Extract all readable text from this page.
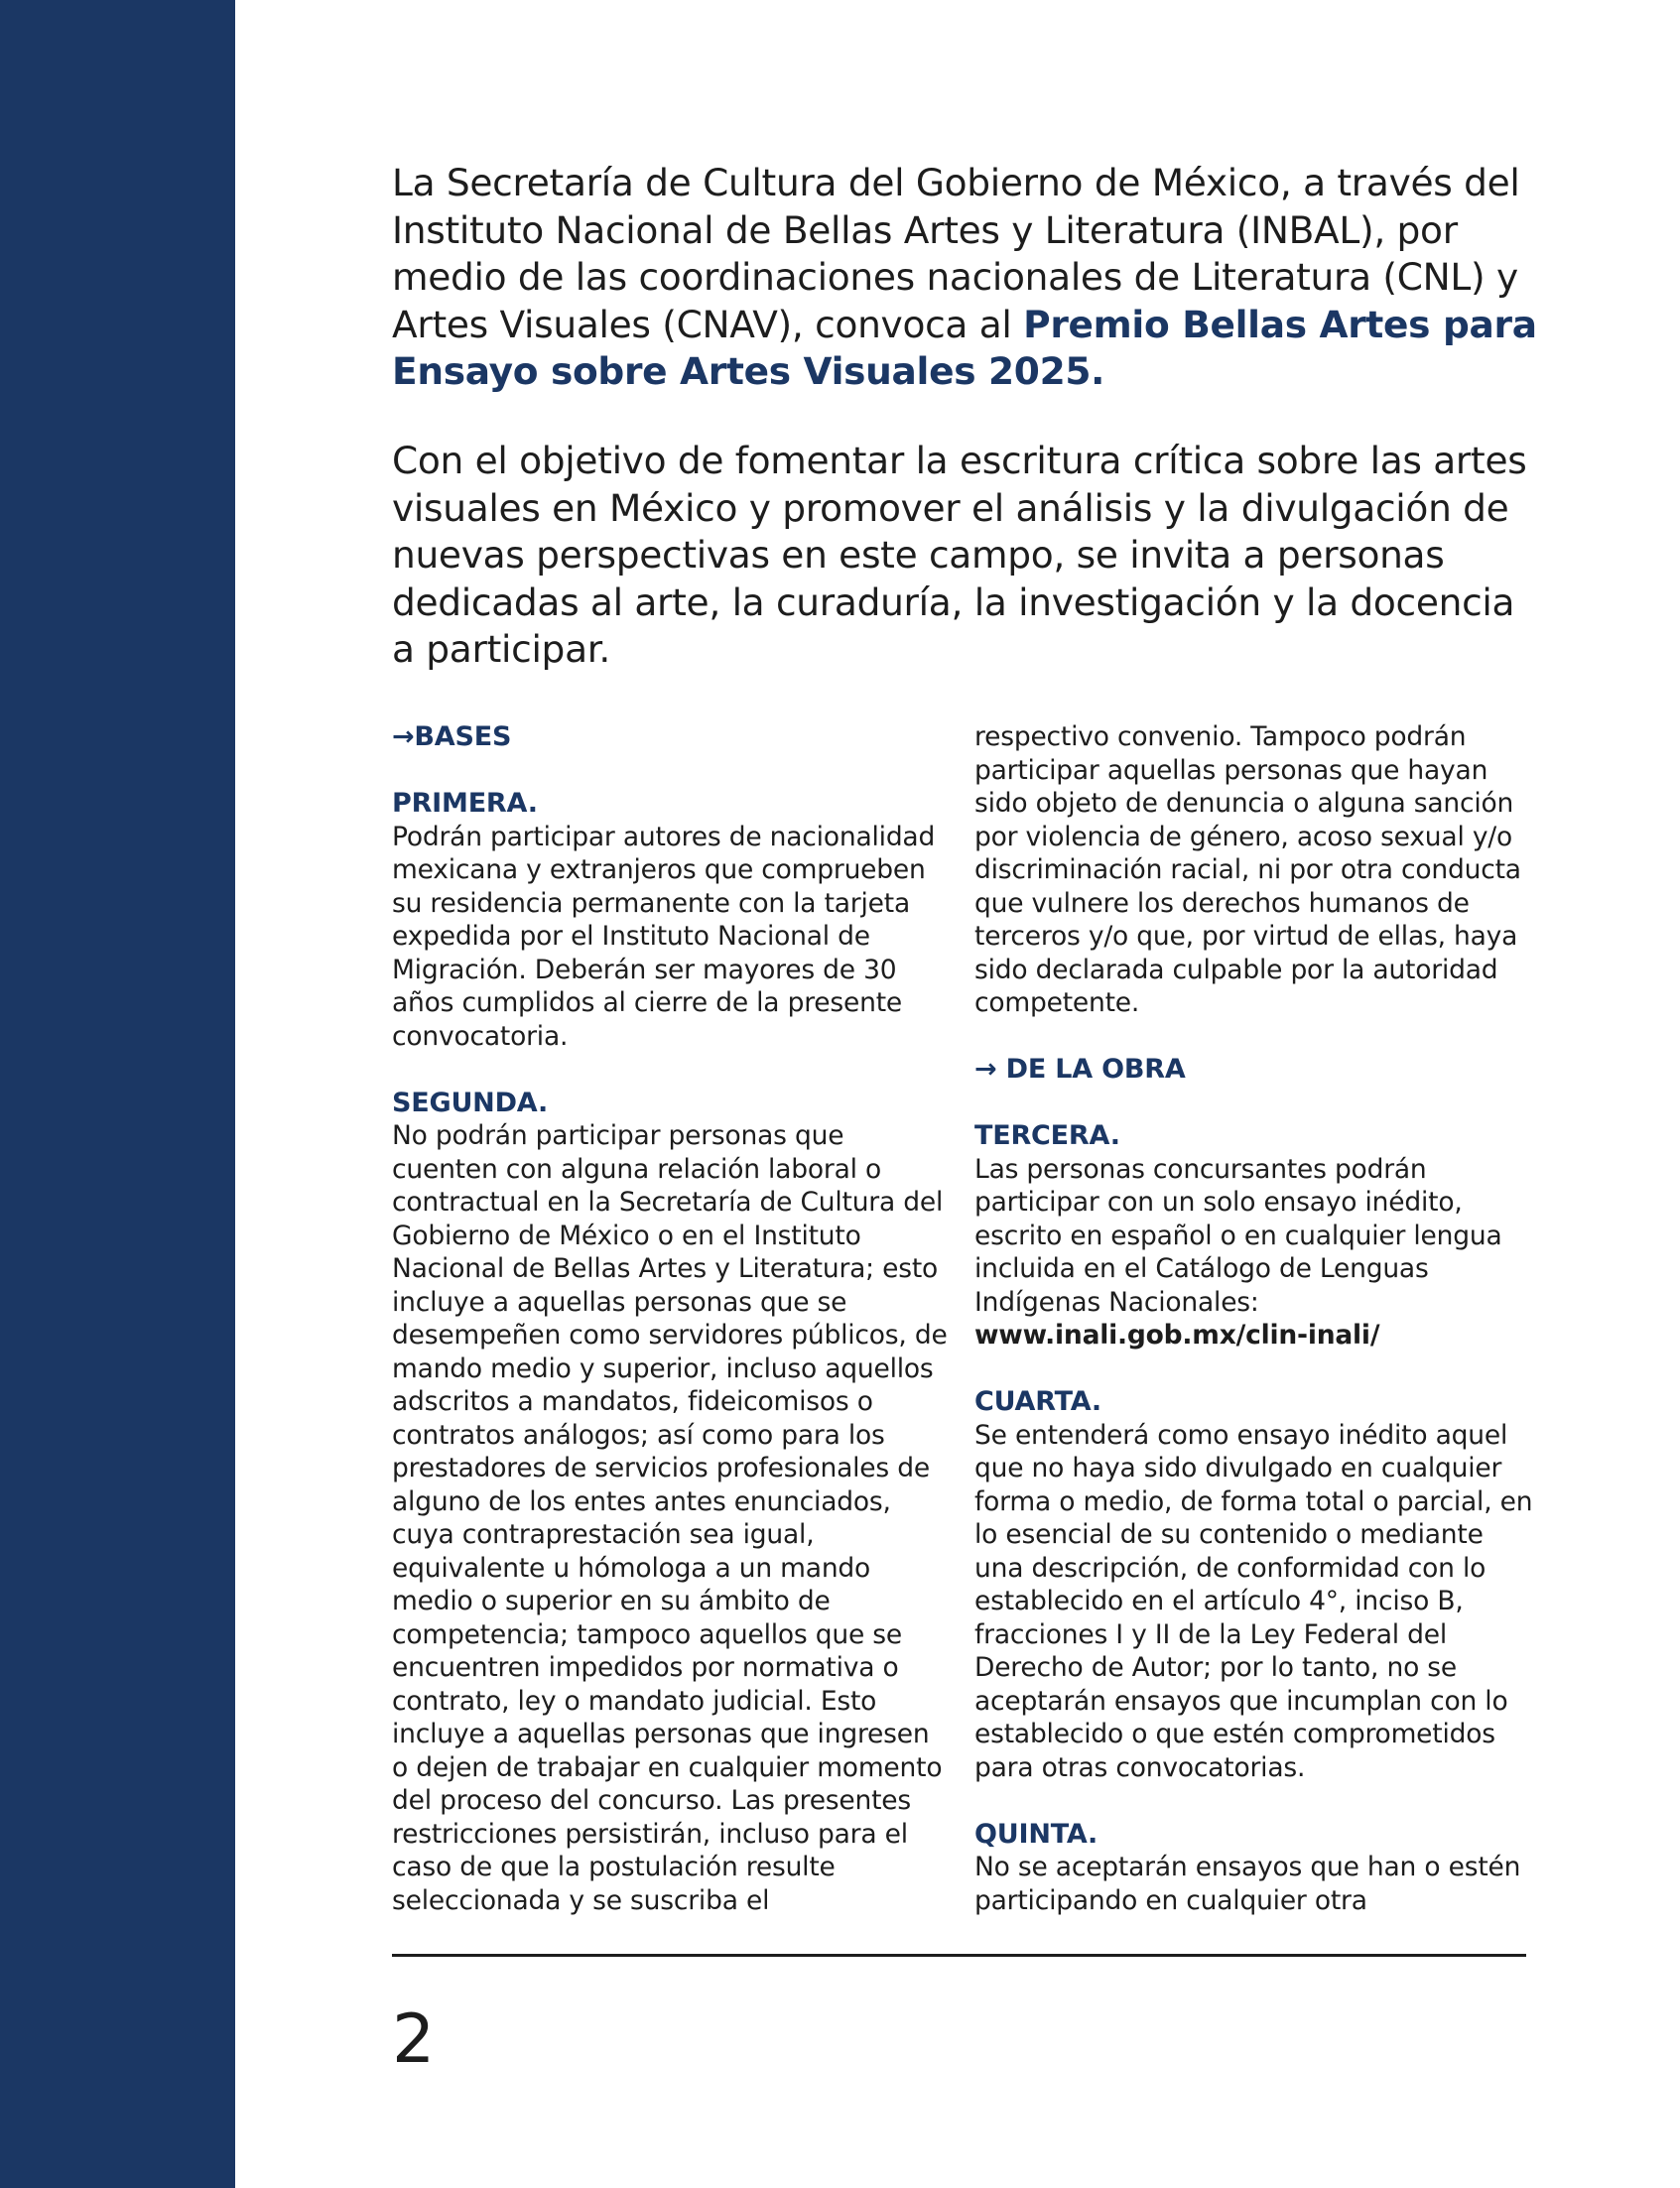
La Secretaría de Cultura del Gobierno de México, a través del Instituto Nacional de Bellas Artes y Literatura (INBAL), por medio de las coordinaciones nacionales de Literatura (CNL) y Artes Visuales (CNAV), convoca al Premio Bellas Artes para Ensayo sobre Artes Visuales 2025.

Con el objetivo de fomentar la escritura crítica sobre las artes visuales en México y promover el análisis y la divulgación de nuevas perspectivas en este campo, se invita a personas dedicadas al arte, la curaduría, la investigación y la docencia a participar.

→BASES

PRIMERA.

Podrán participar autores de nacionalidad mexicana y extranjeros que comprueben su residencia permanente con la tarjeta expedida por el Instituto Nacional de Migración. Deberán ser mayores de 30 años cumplidos al cierre de la presente convocatoria.

SEGUNDA.

No podrán participar personas que cuenten con alguna relación laboral o contractual en la Secretaría de Cultura del Gobierno de México o en el Instituto Nacional de Bellas Artes y Literatura; esto incluye a aquellas personas que se desempeñen como servidores públicos, de mando medio y superior, incluso aquellos adscritos a mandatos, fideicomisos o contratos análogos; así como para los prestadores de servicios profesionales de alguno de los entes antes enunciados, cuya contraprestación sea igual, equivalente u hómologa a un mando medio o superior en su ámbito de competencia; tampoco aquellos que se encuentren impedidos por normativa o contrato, ley o mandato judicial. Esto incluye a aquellas personas que ingresen o dejen de trabajar en cualquier momento del proceso del concurso. Las presentes restricciones persistirán, incluso para el caso de que la postulación resulte seleccionada y se suscriba el

respectivo convenio. Tampoco podrán participar aquellas personas que hayan sido objeto de denuncia o alguna sanción por violencia de género, acoso sexual y/o discriminación racial, ni por otra conducta que vulnere los derechos humanos de terceros y/o que, por virtud de ellas, haya sido declarada culpable por la autoridad competente.

→ DE LA OBRA

TERCERA.

Las personas concursantes podrán participar con un solo ensayo inédito, escrito en español o en cualquier lengua incluida en el Catálogo de Lenguas Indígenas Nacionales:

www.inali.gob.mx/clin-inali/

CUARTA.

Se entenderá como ensayo inédito aquel que no haya sido divulgado en cualquier forma o medio, de forma total o parcial, en lo esencial de su contenido o mediante una descripción, de conformidad con lo establecido en el artículo 4°, inciso B, fracciones I y II de la Ley Federal del Derecho de Autor; por lo tanto, no se aceptarán ensayos que incumplan con lo establecido o que estén comprometidos para otras convocatorias.

QUINTA.

No se aceptarán ensayos que han o estén participando en cualquier otra

2
